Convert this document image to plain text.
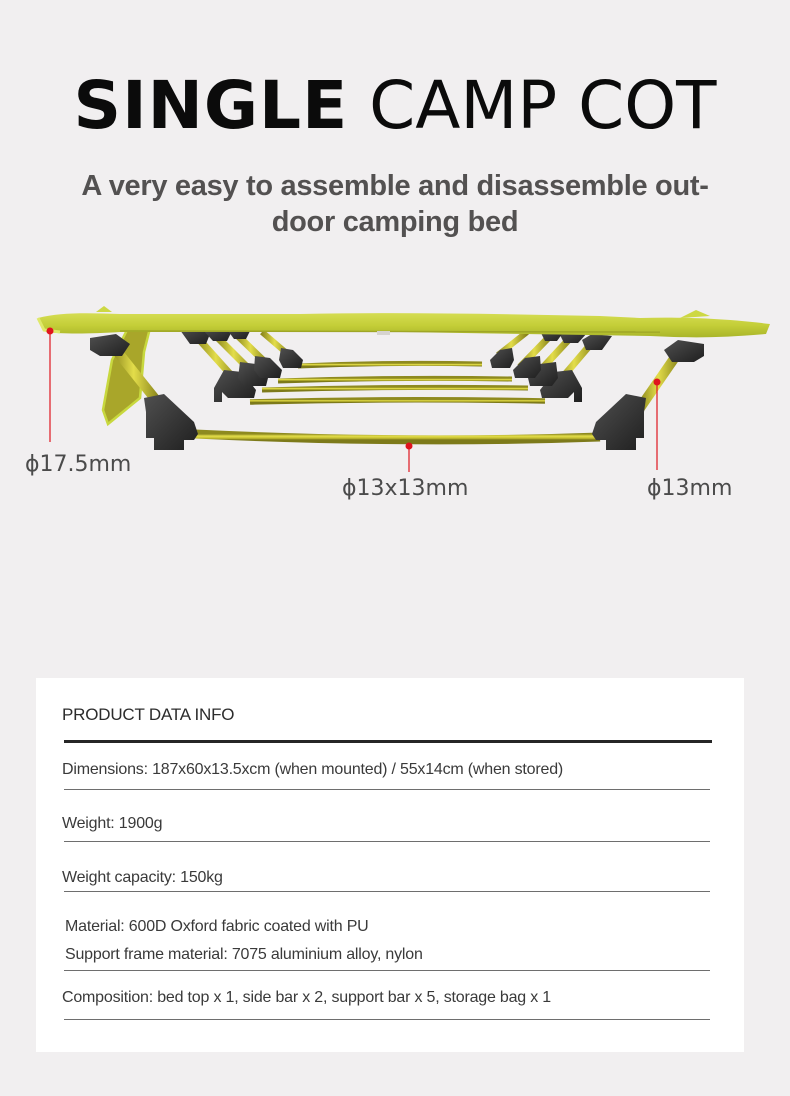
SINGLE CAMP COT
A very easy to assemble and disassemble out-
door camping bed
ϕ17.5mm
ϕ13x13mm	ϕ13mm
PRODUCT DATA INFO
Dimensions: 187x60x13.5xcm (when mounted) / 55x14cm (when stored)
Weight: 1900g
Weight capacity: 150kg
Material: 600D Oxford fabric coated with PU
Support frame material: 7075 aluminium alloy, nylon
Composition: bed top x 1, side bar x 2, support bar x 5, storage bag x 1
